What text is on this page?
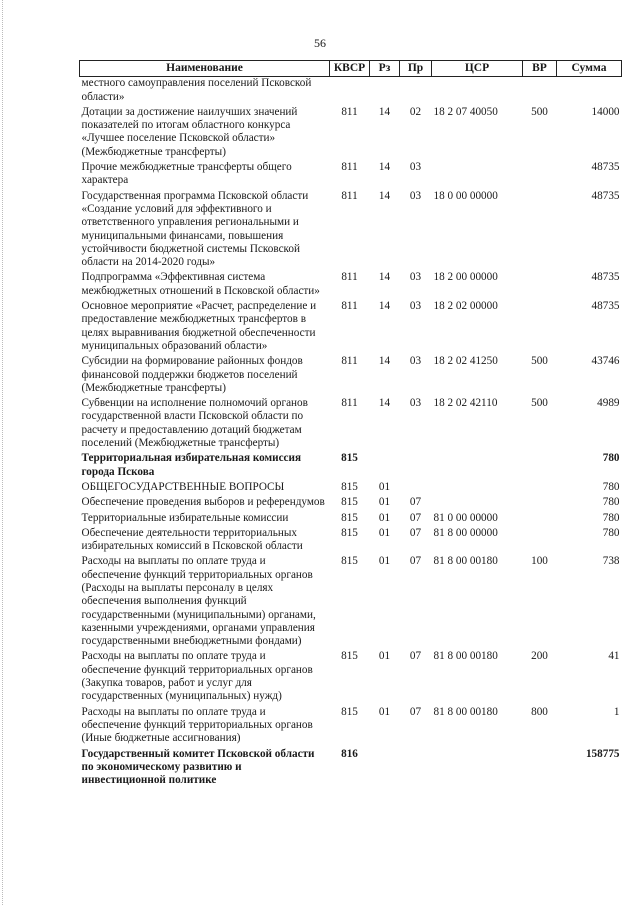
56
Наименование	КВСР	Рз	Пр	ЦСР	ВР	Сумма
местного самоуправления поселений Псковской области»						
Дотации за достижение наилучших значений показателей по итогам областного конкурса «Лучшее поселение Псковской области» (Межбюджетные трансферты)	811	14	02	18 2 07 40050	500	14000
Прочие межбюджетные трансферты общего характера	811	14	03			48735
Государственная программа Псковской области «Создание условий для эффективного и ответственного управления региональными и муниципальными финансами, повышения устойчивости бюджетной системы Псковской области на 2014-2020 годы»	811	14	03	18 0 00 00000		48735
Подпрограмма «Эффективная система межбюджетных отношений в Псковской области»	811	14	03	18 2 00 00000		48735
Основное мероприятие «Расчет, распределение и предоставление межбюджетных трансфертов в целях выравнивания бюджетной обеспеченности муниципальных образований области»	811	14	03	18 2 02 00000		48735
Субсидии на формирование районных фондов финансовой поддержки бюджетов поселений (Межбюджетные трансферты)	811	14	03	18 2 02 41250	500	43746
Субвенции на исполнение полномочий органов государственной власти Псковской области по расчету и предоставлению дотаций бюджетам поселений (Межбюджетные трансферты)	811	14	03	18 2 02 42110	500	4989
Территориальная избирательная комиссия города Пскова	815					780
ОБЩЕГОСУДАРСТВЕННЫЕ ВОПРОСЫ	815	01				780
Обеспечение проведения выборов и референдумов	815	01	07			780
Территориальные избирательные комиссии	815	01	07	81 0 00 00000		780
Обеспечение деятельности территориальных избирательных комиссий в Псковской области	815	01	07	81 8 00 00000		780
Расходы на выплаты по оплате труда и обеспечение функций территориальных органов (Расходы на выплаты персоналу в целях обеспечения выполнения функций государственными (муниципальными) органами, казенными учреждениями, органами управления государственными внебюджетными фондами)	815	01	07	81 8 00 00180	100	738
Расходы на выплаты по оплате труда и обеспечение функций территориальных органов (Закупка товаров, работ и услуг для государственных (муниципальных) нужд)	815	01	07	81 8 00 00180	200	41
Расходы на выплаты по оплате труда и обеспечение функций территориальных органов (Иные бюджетные ассигнования)	815	01	07	81 8 00 00180	800	1
Государственный комитет Псковской области по экономическому развитию и инвестиционной политике	816					158775
